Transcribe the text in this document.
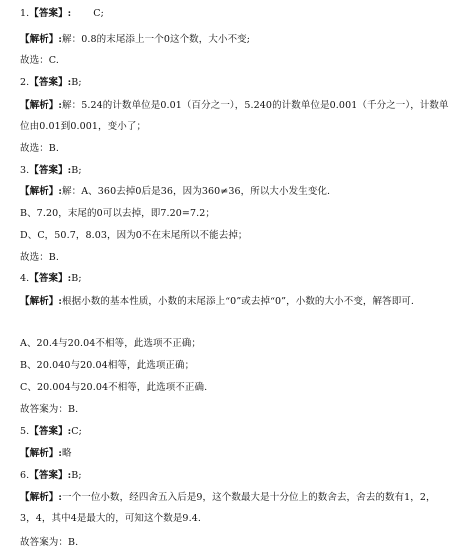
1.【答案】: C;
【解析】:解：0.8的末尾添上一个0这个数，大小不变;
故选：C.
2.【答案】:B;
【解析】:解：5.24的计数单位是0.01（百分之一），5.240的计数单位是0.001（千分之一），计数单位由0.01到0.001，变小了；
故选：B.
3.【答案】:B;
【解析】:解：A、360去掉0后是36，因为360≠36，所以大小发生变化.
B、7.20，末尾的0可以去掉，即7.20=7.2；
D、C，50.7，8.03，因为0不在末尾所以不能去掉；
故选：B.
4.【答案】:B;
【解析】:根据小数的基本性质，小数的末尾添上“0”或去掉“0”，小数的大小不变，解答即可.
A、20.4与20.04不相等，此选项不正确；
B、20.040与20.04相等，此选项正确；
C、20.004与20.04不相等，此选项不正确.
故答案为：B.
5.【答案】:C;
【解析】:略
6.【答案】:B;
【解析】:一个一位小数，经四舍五入后是9，这个数最大是十分位上的数舍去，舍去的数有1，2，3，4，其中4是最大的，可知这个数是9.4.
故答案为：B.
